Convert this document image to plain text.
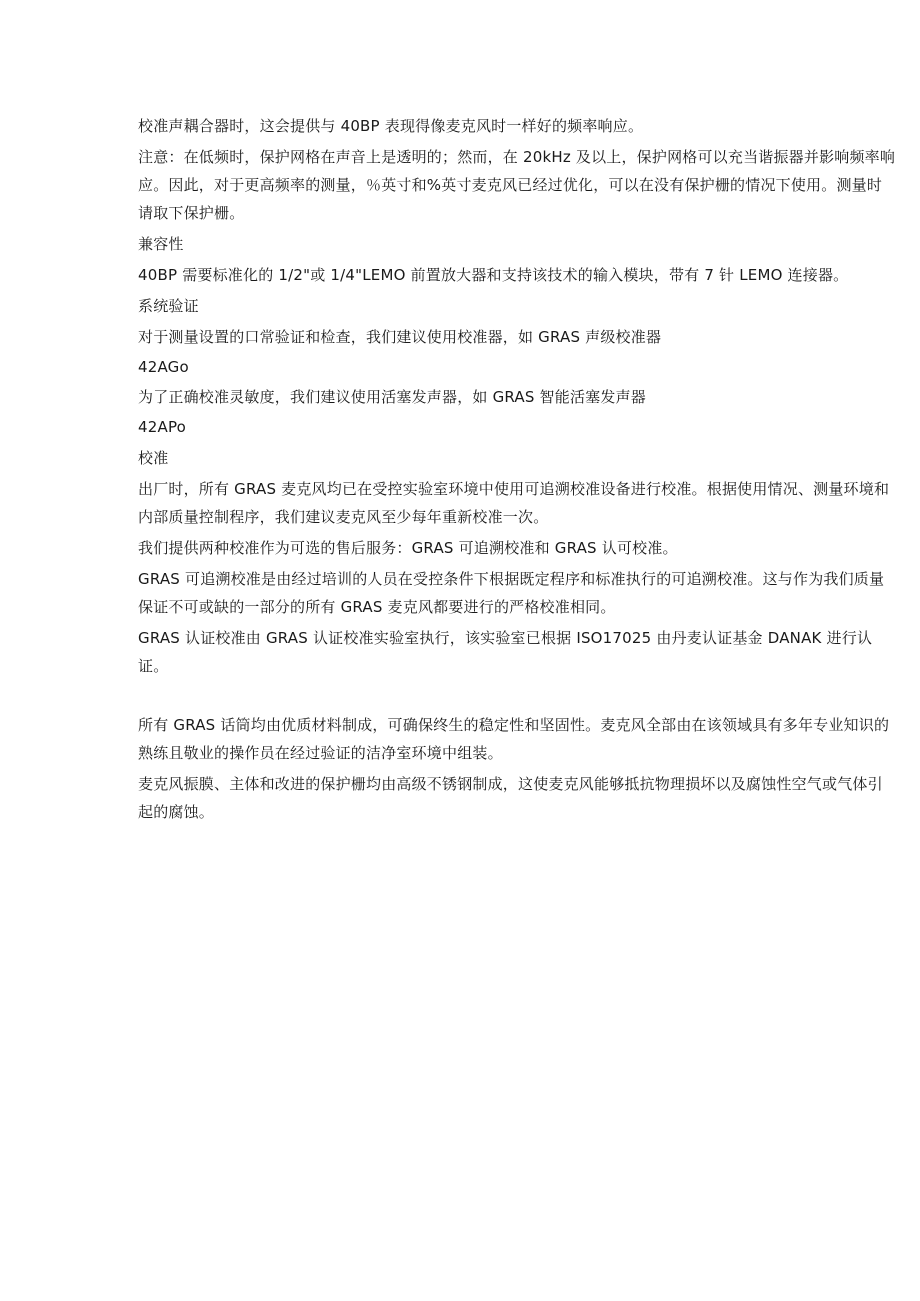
校准声耦合器时，这会提供与 40BP 表现得像麦克风时一样好的频率响应。

注意：在低频时，保护网格在声音上是透明的；然而，在 20kHz 及以上，保护网格可以充当谐振器并影响频率响应。因此，对于更高频率的测量，％英寸和%英寸麦克风已经过优化，可以在没有保护栅的情况下使用。测量时请取下保护栅。

兼容性

40BP 需要标准化的 1/2"或 1/4"LEMO 前置放大器和支持该技术的输入模块，带有 7 针 LEMO 连接器。

系统验证

对于测量设置的口常验证和检查，我们建议使用校准器，如 GRAS 声级校准器

42AGo

为了正确校准灵敏度，我们建议使用活塞发声器，如 GRAS 智能活塞发声器

42APo

校准

出厂时，所有 GRAS 麦克风均已在受控实验室环境中使用可追溯校准设备进行校准。根据使用情况、测量环境和内部质量控制程序，我们建议麦克风至少每年重新校准一次。

我们提供两种校准作为可选的售后服务：GRAS 可追溯校准和 GRAS 认可校准。

GRAS 可追溯校准是由经过培训的人员在受控条件下根据既定程序和标准执行的可追溯校准。这与作为我们质量保证不可或缺的一部分的所有 GRAS 麦克风都要进行的严格校准相同。

GRAS 认证校准由 GRAS 认证校准实验室执行，该实验室已根据 ISO17025 由丹麦认证基金 DANAK 进行认证。

所有 GRAS 话筒均由优质材料制成，可确保终生的稳定性和坚固性。麦克风全部由在该领域具有多年专业知识的熟练且敬业的操作员在经过验证的洁净室环境中组装。

麦克风振膜、主体和改进的保护栅均由高级不锈钢制成，这使麦克风能够抵抗物理损坏以及腐蚀性空气或气体引起的腐蚀。
